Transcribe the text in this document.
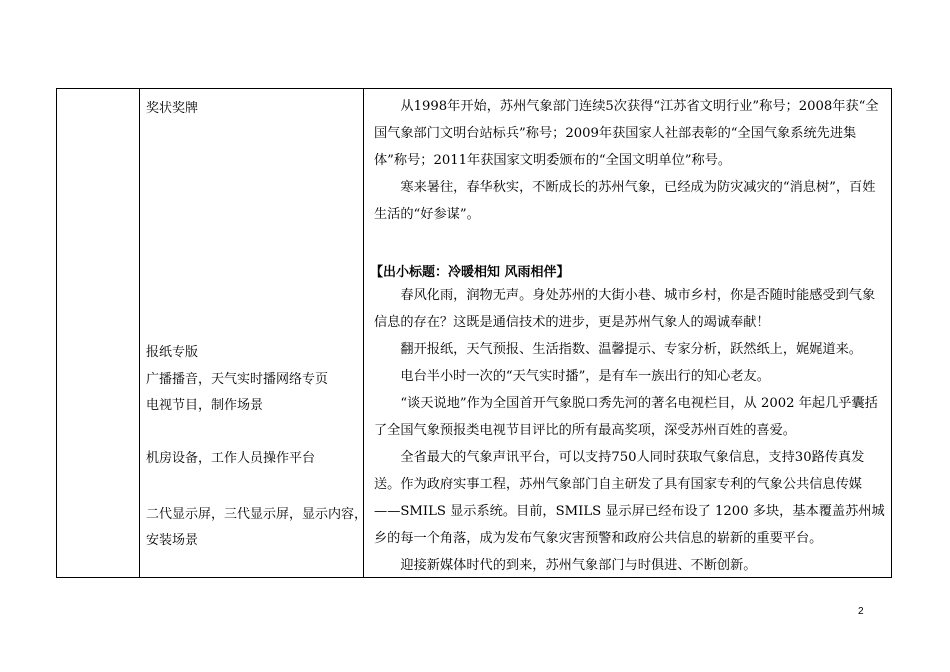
奖状奖牌
报纸专版
广播播音，天气实时播网络专页
电视节目，制作场景
机房设备，工作人员操作平台
二代显示屏，三代显示屏，显示内容，
安装场景
从1998年开始，苏州气象部门连续5次获得“江苏省文明行业”称号；2008年获“全国气象部门文明台站标兵”称号；2009年获国家人社部表彰的“全国气象系统先进集体”称号；2011年获国家文明委颁布的“全国文明单位”称号。
寒来暑往，春华秋实，不断成长的苏州气象，已经成为防灾减灾的“消息树”，百姓生活的“好参谋”。
【出小标题：冷暖相知 风雨相伴】
春风化雨，润物无声。身处苏州的大街小巷、城市乡村，你是否随时能感受到气象信息的存在？这既是通信技术的进步，更是苏州气象人的竭诚奉献！
翻开报纸，天气预报、生活指数、温馨提示、专家分析，跃然纸上，娓娓道来。
电台半小时一次的“天气实时播”，是有车一族出行的知心老友。
“谈天说地”作为全国首开气象脱口秀先河的著名电视栏目，从 2002 年起几乎囊括了全国气象预报类电视节目评比的所有最高奖项，深受苏州百姓的喜爱。
全省最大的气象声讯平台，可以支持750人同时获取气象信息，支持30路传真发送。 作为政府实事工程，苏州气象部门自主研发了具有国家专利的气象公共信息传媒——SMILS 显示系统。目前，SMILS 显示屏已经布设了 1200 多块，基本覆盖苏州城乡的每一个角落，成为发布气象灾害预警和政府公共信息的崭新的重要平台。
迎接新媒体时代的到来，苏州气象部门与时俱进、不断创新。
2
